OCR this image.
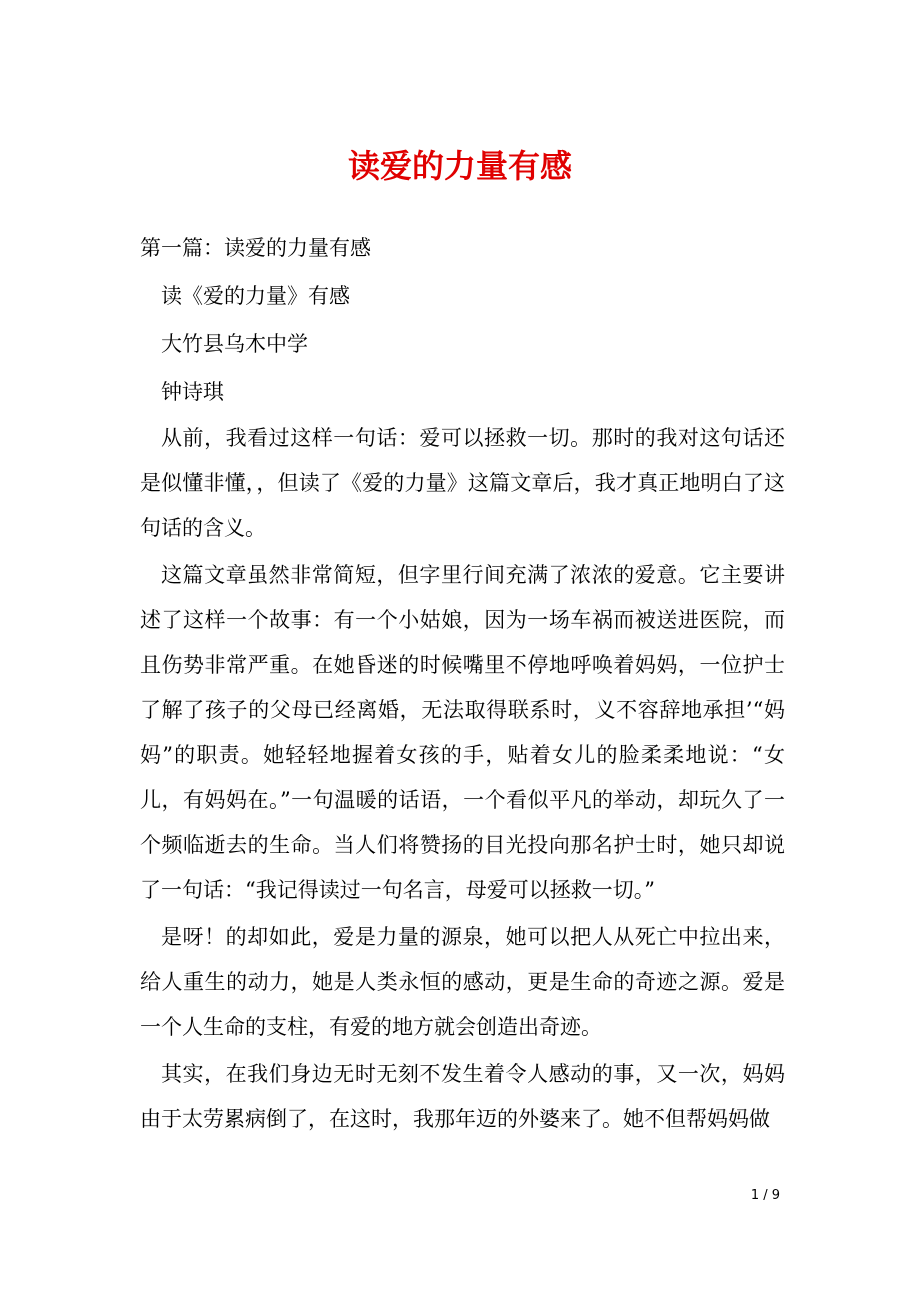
读爱的力量有感

第一篇：读爱的力量有感

读《爱的力量》有感

大竹县乌木中学

钟诗琪

从前，我看过这样一句话：爱可以拯救一切。那时的我对这句话还是似懂非懂，，但读了《爱的力量》这篇文章后，我才真正地明白了这句话的含义。

这篇文章虽然非常简短，但字里行间充满了浓浓的爱意。它主要讲述了这样一个故事：有一个小姑娘，因为一场车祸而被送进医院，而且伤势非常严重。在她昏迷的时候嘴里不停地呼唤着妈妈，一位护士了解了孩子的父母已经离婚，无法取得联系时，义不容辞地承担’“妈妈”的职责。她轻轻地握着女孩的手，贴着女儿的脸柔柔地说：“女儿，有妈妈在。”一句温暖的话语，一个看似平凡的举动，却玩久了一个频临逝去的生命。当人们将赞扬的目光投向那名护士时，她只却说了一句话：“我记得读过一句名言，母爱可以拯救一切。”

是呀！的却如此，爱是力量的源泉，她可以把人从死亡中拉出来，给人重生的动力，她是人类永恒的感动，更是生命的奇迹之源。爱是一个人生命的支柱，有爱的地方就会创造出奇迹。

其实，在我们身边无时无刻不发生着令人感动的事，又一次，妈妈由于太劳累病倒了，在这时，我那年迈的外婆来了。她不但帮妈妈做

1 / 9
